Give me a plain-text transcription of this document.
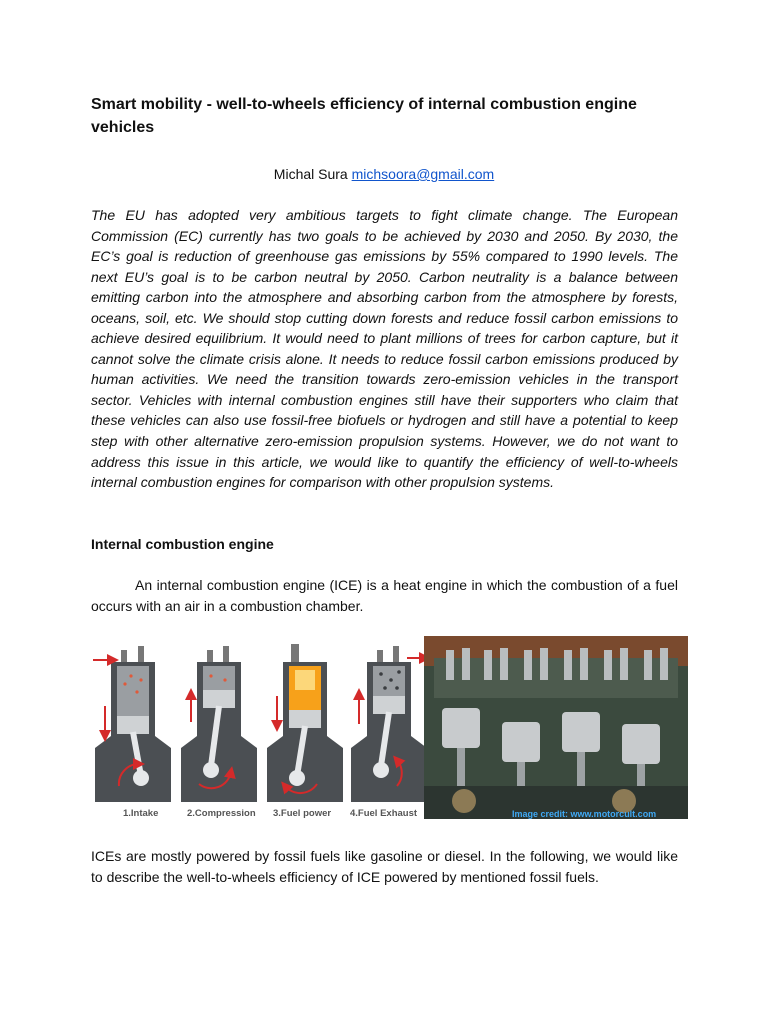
Smart mobility - well-to-wheels efficiency of internal combustion engine vehicles
Michal Sura michsoora@gmail.com

The EU has adopted very ambitious targets to fight climate change. The European Commission (EC) currently has two goals to be achieved by 2030 and 2050. By 2030, the EC’s goal is reduction of greenhouse gas emissions by 55% compared to 1990 levels. The next EU’s goal is to be carbon neutral by 2050. Carbon neutrality is a balance between emitting carbon into the atmosphere and absorbing carbon from the atmosphere by forests, oceans, soil, etc. We should stop cutting down forests and reduce fossil carbon emissions to achieve desired equilibrium. It would need to plant millions of trees for carbon capture, but it cannot solve the climate crisis alone. It needs to reduce fossil carbon emissions produced by human activities. We need the transition towards zero-emission vehicles in the transport sector. Vehicles with internal combustion engines still have their supporters who claim that these vehicles can also use fossil-free biofuels or hydrogen and still have a potential to keep step with other alternative zero-emission propulsion systems. However, we do not want to address this issue in this article, we would like to quantify the efficiency of well-to-wheels internal combustion engines for comparison with other propulsion systems.

Internal combustion engine

An internal combustion engine (ICE) is a heat engine in which the combustion of a fuel occurs with an air in a combustion chamber.

1.Intake	2.Compression 3.Fuel power 4.Fuel Exhaust	Image credit: www.motorcult.com

ICEs are mostly powered by fossil fuels like gasoline or diesel. In the following, we would like to describe the well-to-wheels efficiency of ICE powered by mentioned fossil fuels.
